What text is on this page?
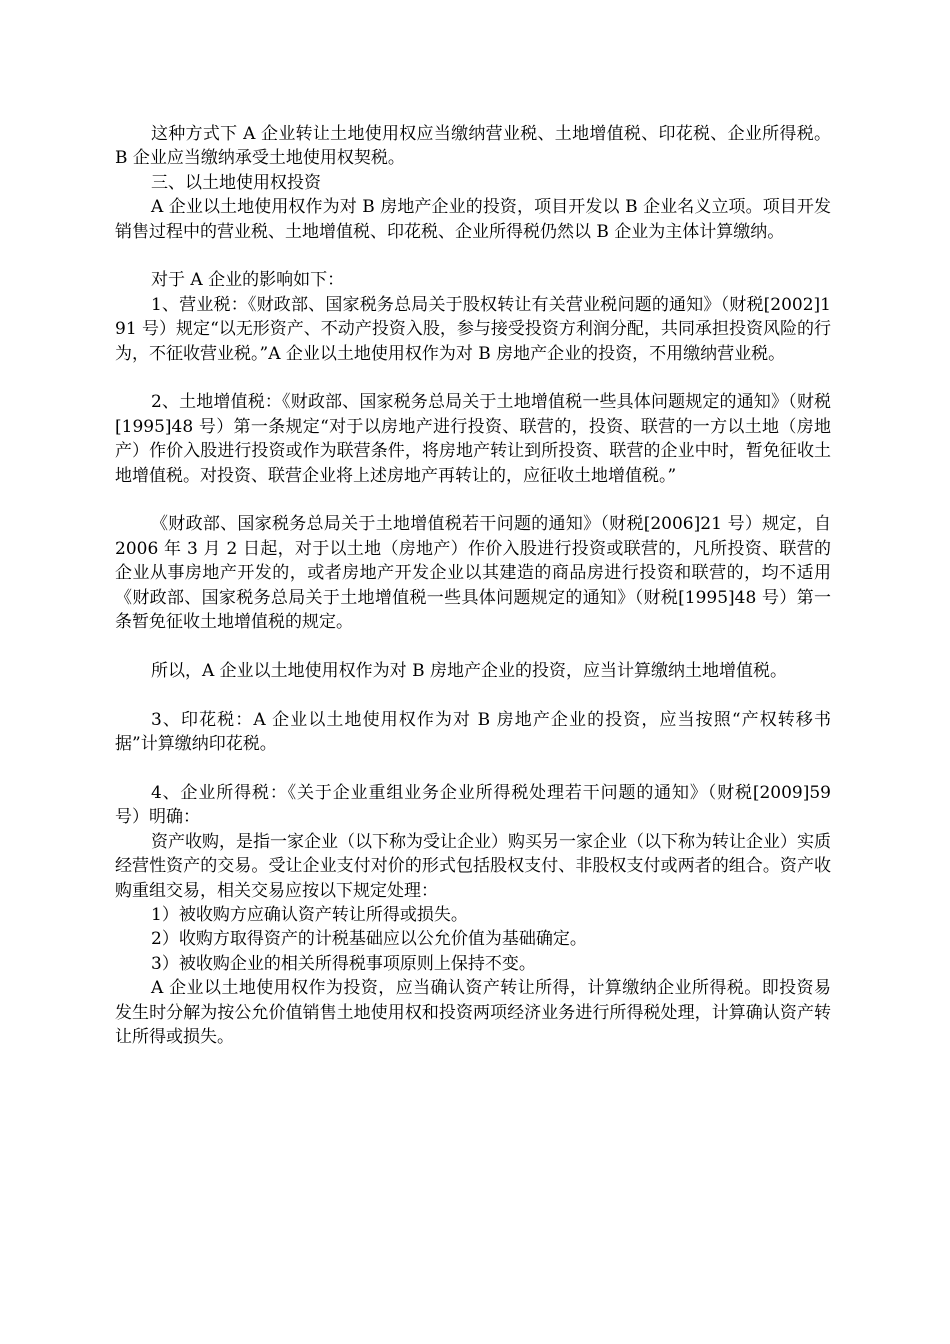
这种方式下 A 企业转让土地使用权应当缴纳营业税、土地增值税、印花税、企业所得税。B 企业应当缴纳承受土地使用权契税。

三、以土地使用权投资

A 企业以土地使用权作为对 B 房地产企业的投资，项目开发以 B 企业名义立项。项目开发销售过程中的营业税、土地增值税、印花税、企业所得税仍然以 B 企业为主体计算缴纳。

对于 A 企业的影响如下：

1、营业税：《财政部、国家税务总局关于股权转让有关营业税问题的通知》（财税[2002]191 号）规定“以无形资产、不动产投资入股，参与接受投资方利润分配，共同承担投资风险的行为，不征收营业税。”A 企业以土地使用权作为对 B 房地产企业的投资，不用缴纳营业税。

2、土地增值税：《财政部、国家税务总局关于土地增值税一些具体问题规定的通知》（财税[1995]48 号）第一条规定“对于以房地产进行投资、联营的，投资、联营的一方以土地（房地产）作价入股进行投资或作为联营条件，将房地产转让到所投资、联营的企业中时，暂免征收土地增值税。对投资、联营企业将上述房地产再转让的，应征收土地增值税。”

《财政部、国家税务总局关于土地增值税若干问题的通知》（财税[2006]21 号）规定，自 2006 年 3 月 2 日起，对于以土地（房地产）作价入股进行投资或联营的，凡所投资、联营的企业从事房地产开发的，或者房地产开发企业以其建造的商品房进行投资和联营的，均不适用《财政部、国家税务总局关于土地增值税一些具体问题规定的通知》（财税[1995]48 号）第一条暂免征收土地增值税的规定。

所以，A 企业以土地使用权作为对 B 房地产企业的投资，应当计算缴纳土地增值税。

3、印花税：A 企业以土地使用权作为对 B 房地产企业的投资，应当按照“产权转移书据”计算缴纳印花税。

4、企业所得税：《关于企业重组业务企业所得税处理若干问题的通知》（财税[2009]59 号）明确：

资产收购，是指一家企业（以下称为受让企业）购买另一家企业（以下称为转让企业）实质经营性资产的交易。受让企业支付对价的形式包括股权支付、非股权支付或两者的组合。资产收购重组交易，相关交易应按以下规定处理：

1）被收购方应确认资产转让所得或损失。

2）收购方取得资产的计税基础应以公允价值为基础确定。

3）被收购企业的相关所得税事项原则上保持不变。

A 企业以土地使用权作为投资，应当确认资产转让所得，计算缴纳企业所得税。即投资易发生时分解为按公允价值销售土地使用权和投资两项经济业务进行所得税处理，计算确认资产转让所得或损失。
